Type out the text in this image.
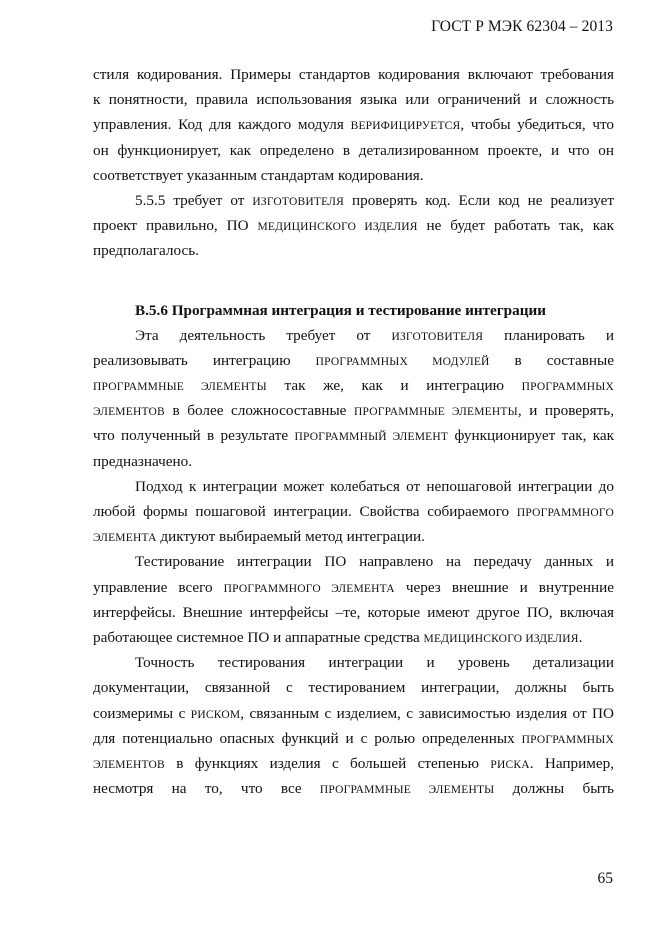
ГОСТ Р МЭК 62304 – 2013
стиля кодирования. Примеры стандартов кодирования включают требования
к понятности, правила использования языка или ограничений и сложность
управления. Код для каждого модуля ВЕРИФИЦИРУЕТСЯ, чтобы убедиться, что
он функционирует, как определено в детализированном проекте, и что он
соответствует указанным стандартам кодирования.
5.5.5 требует от ИЗГОТОВИТЕЛЯ проверять код. Если код не реализует
проект правильно, ПО МЕДИЦИНСКОГО ИЗДЕЛИЯ не будет работать так, как
предполагалось.
В.5.6 Программная интеграция и тестирование интеграции
Эта деятельность требует от ИЗГОТОВИТЕЛЯ планировать и
реализовывать интеграцию ПРОГРАММНЫХ МОДУЛЕЙ в составные
ПРОГРАММНЫЕ ЭЛЕМЕНТЫ так же, как и интеграцию ПРОГРАММНЫХ
ЭЛЕМЕНТОВ в более сложносоставные ПРОГРАММНЫЕ ЭЛЕМЕНТЫ, и проверять,
что полученный в результате ПРОГРАММНЫЙ ЭЛЕМЕНТ функционирует так, как
предназначено.
Подход к интеграции может колебаться от непошаговой интеграции до
любой формы пошаговой интеграции. Свойства собираемого ПРОГРАММНОГО
ЭЛЕМЕНТА диктуют выбираемый метод интеграции.
Тестирование интеграции ПО направлено на передачу данных и
управление всего ПРОГРАММНОГО ЭЛЕМЕНТА через внешние и внутренние
интерфейсы. Внешние интерфейсы –те, которые имеют другое ПО, включая
работающее системное ПО и аппаратные средства МЕДИЦИНСКОГО ИЗДЕЛИЯ.
Точность тестирования интеграции и уровень детализации
документации, связанной с тестированием интеграции, должны быть
соизмеримы с РИСКОМ, связанным с изделием, с зависимостью изделия от ПО
для потенциально опасных функций и с ролью определенных ПРОГРАММНЫХ
ЭЛЕМЕНТОВ в функциях изделия с большей степенью РИСКА. Например,
несмотря на то, что все ПРОГРАММНЫЕ ЭЛЕМЕНТЫ должны быть
65
